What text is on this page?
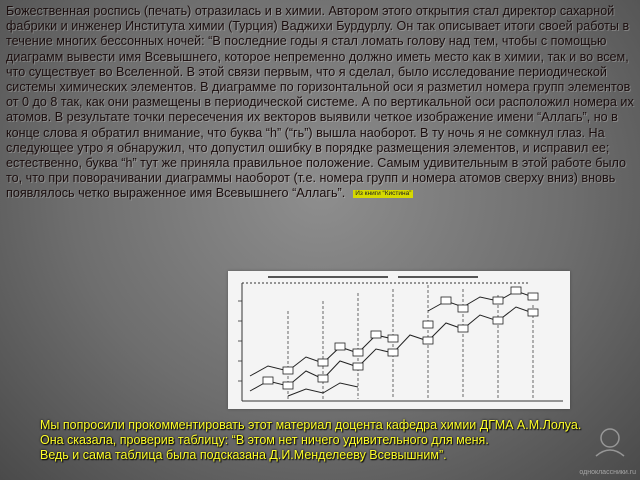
Божественная роспись (печать) отразилась и в химии. Автором этого открытия стал директор сахарной фабрики и инженер Института химии (Турция) Ваджихи Бурдурлу. Он так описывает итоги своей работы в течение многих бессонных ночей: “В последние годы я стал ломать голову над тем, чтобы с помощью диаграмм вывести имя Всевышнего, которое непременно должно иметь место как в химии, так и во всем, что существует во Вселенной. В этой связи первым, что я сделал, было исследование периодической системы химических элементов. В диаграмме по горизонтальной оси я разметил номера групп элементов от 0 до 8 так, как они размещены в периодической системе. А по вертикальной оси расположил номера их атомов. В результате точки пересечения их векторов выявили четкое изображение имени “Аллагь”, но в конце слова я обратил внимание, что буква “h” (“гь”) вышла наоборот. В ту ночь я не сомкнул глаз. На следующее утро я обнаружил, что допустил ошибку в порядке размещения элементов, и исправил ее; естественно, буква “h” тут же приняла правильное положение. Самым удивительным в этой работе было то, что при поворачивании диаграммы наоборот (т.е. номера групп и номера атомов сверху вниз) вновь появлялось четко выраженное имя Всевышнего “Аллагь”. Из книги “Кистина”

Мы попросили прокомментировать этот материал доцента кафедра химии ДГМА А.М.Лолуа.

Она сказала, проверив таблицу: “В этом нет ничего удивительного для меня.

Ведь и сама таблица была подсказана Д.И.Менделееву Всевышним”.

одноклассники.ru
